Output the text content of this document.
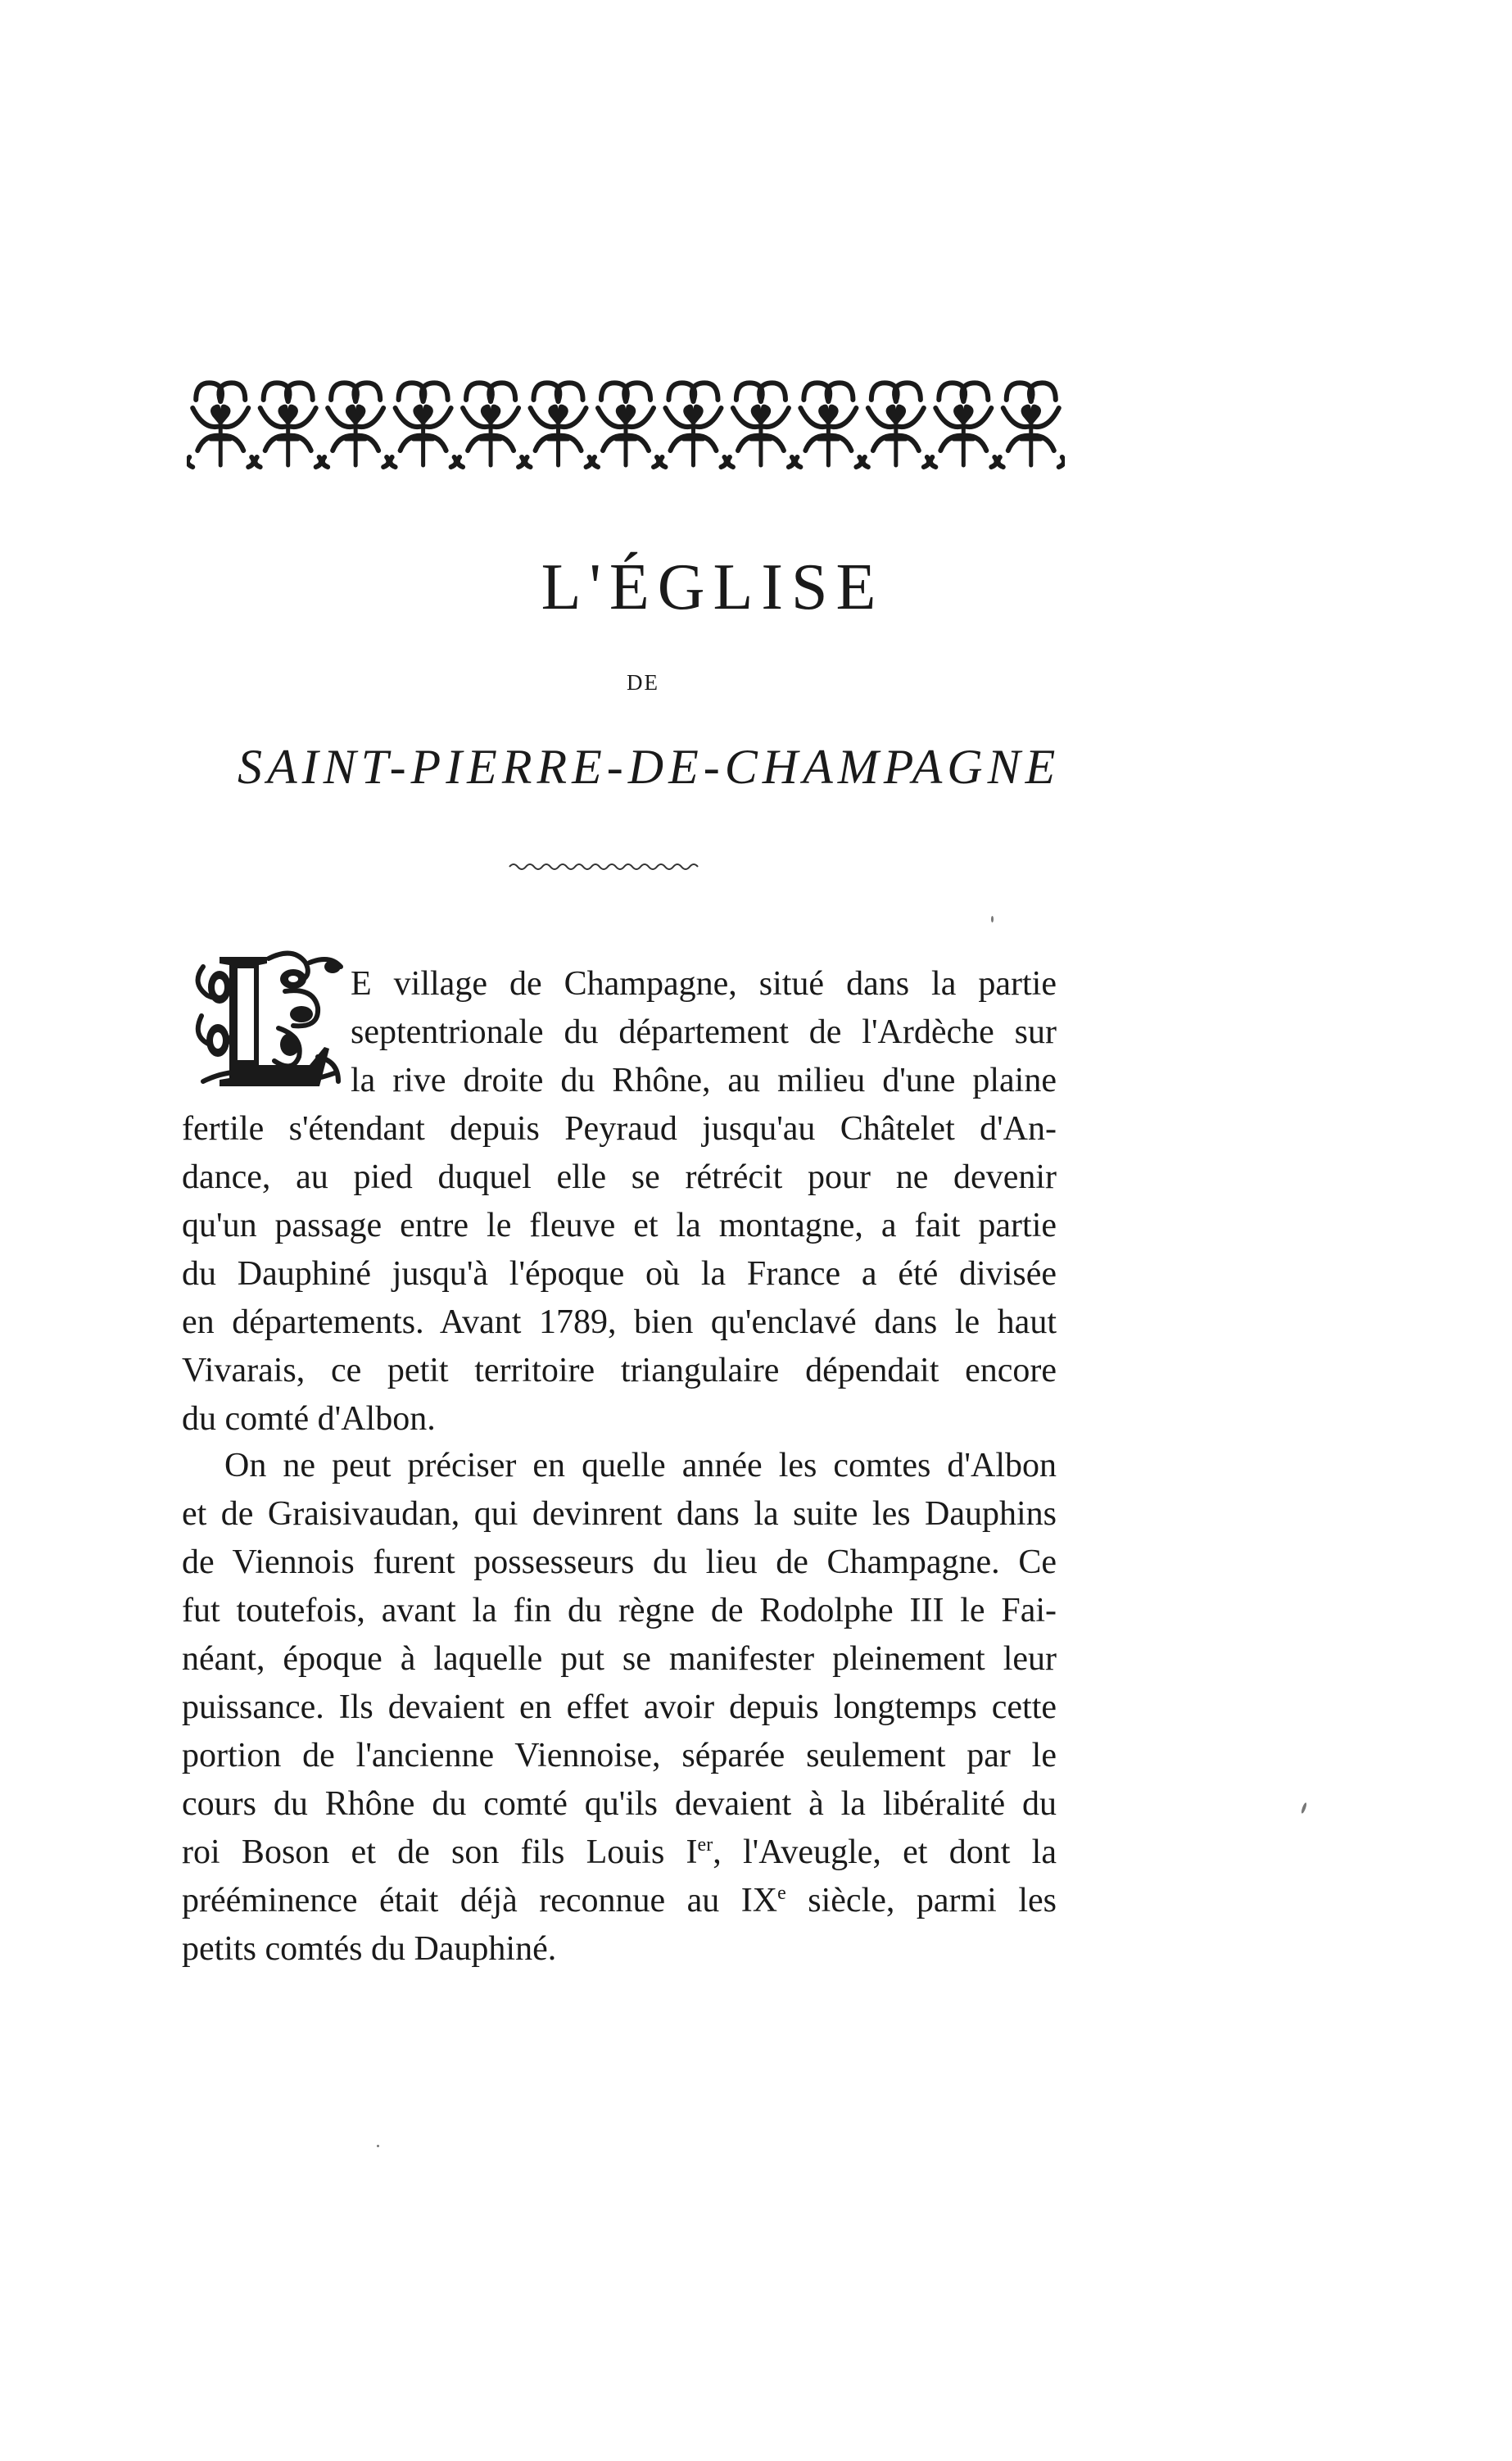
L'ÉGLISE
DE
SAINT-PIERRE-DE-CHAMPAGNE
E village de Champagne, situé dans la partie
septentrionale du département de l'Ardèche sur
la rive droite du Rhône, au milieu d'une plaine
fertile s'étendant depuis Peyraud jusqu'au Châtelet d'An-
dance, au pied duquel elle se rétrécit pour ne devenir
qu'un passage entre le fleuve et la montagne, a fait partie
du Dauphiné jusqu'à l'époque où la France a été divisée
en départements. Avant 1789, bien qu'enclavé dans le haut
Vivarais, ce petit territoire triangulaire dépendait encore
du comté d'Albon.
On ne peut préciser en quelle année les comtes d'Albon
et de Graisivaudan, qui devinrent dans la suite les Dauphins
de Viennois furent possesseurs du lieu de Champagne. Ce
fut toutefois, avant la fin du règne de Rodolphe III le Fai-
néant, époque à laquelle put se manifester pleinement leur
puissance. Ils devaient en effet avoir depuis longtemps cette
portion de l'ancienne Viennoise, séparée seulement par le
cours du Rhône du comté qu'ils devaient à la libéralité du
roi Boson et de son fils Louis Ier, l'Aveugle, et dont la
prééminence était déjà reconnue au IXe siècle, parmi les
petits comtés du Dauphiné.
